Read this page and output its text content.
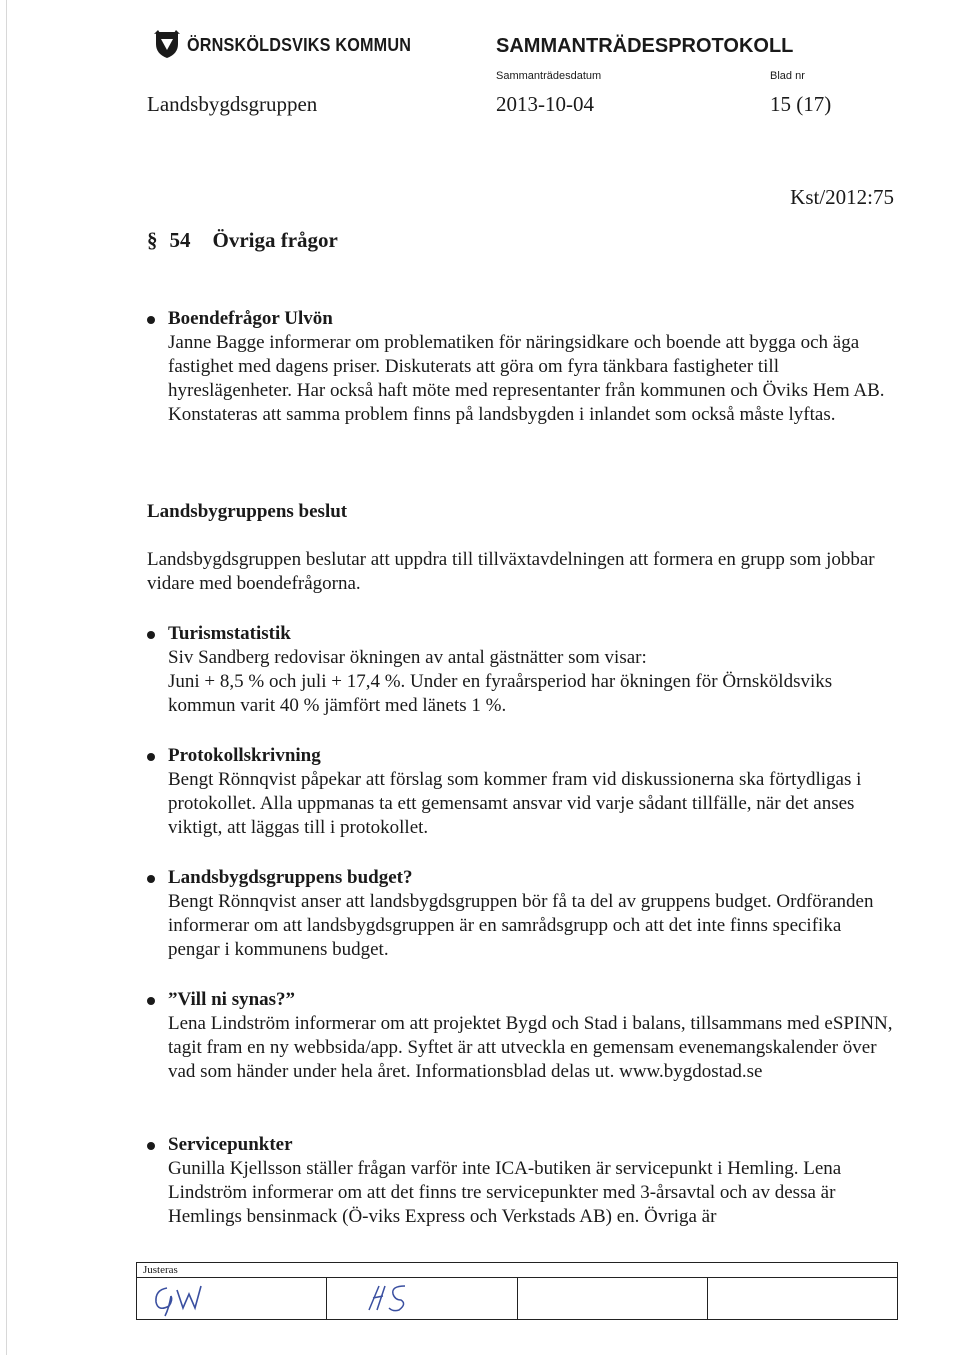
ÖRNSKÖLDSVIKS KOMMUN	SAMMANTRÄDESPROTOKOLL
Sammanträdesdatum	Blad nr
Landsbygdsgruppen	2013-10-04	15 (17)
Kst/2012:75
§ 54 Övriga frågor
Boendefrågor Ulvön

Janne Bagge informerar om problematiken för näringsidkare och boende att bygga och äga fastighet med dagens priser. Diskuterats att göra om fyra tänkbara fastigheter till hyreslägenheter. Har också haft möte med representanter från kommunen och Öviks Hem AB.

Konstateras att samma problem finns på landsbygden i inlandet som också måste lyftas.

Landsbygruppens beslut

Landsbygdsgruppen beslutar att uppdra till tillväxtavdelningen att formera en grupp som jobbar vidare med boendefrågorna.

Turismstatistik

Siv Sandberg redovisar ökningen av antal gästnätter som visar:

Juni + 8,5 % och juli + 17,4 %. Under en fyraårsperiod har ökningen för Örnsköldsviks kommun varit 40 % jämfört med länets 1 %.

Protokollskrivning

Bengt Rönnqvist påpekar att förslag som kommer fram vid diskussionerna ska förtydligas i protokollet. Alla uppmanas ta ett gemensamt ansvar vid varje sådant tillfälle, när det anses viktigt, att läggas till i protokollet.

Landsbygdsgruppens budget?

Bengt Rönnqvist anser att landsbygdsgruppen bör få ta del av gruppens budget. Ordföranden informerar om att landsbygdsgruppen är en samrådsgrupp och att det inte finns specifika pengar i kommunens budget.

”Vill ni synas?”

Lena Lindström informerar om att projektet Bygd och Stad i balans, tillsammans med eSPINN, tagit fram en ny webbsida/app. Syftet är att utveckla en gemensam evenemangskalender över vad som händer under hela året. Informationsblad delas ut. www.bygdostad.se

Servicepunkter

Gunilla Kjellsson ställer frågan varför inte ICA-butiken är servicepunkt i Hemling. Lena Lindström informerar om att det finns tre servicepunkter med 3-årsavtal och av dessa är Hemlings bensinmack (Ö-viks Express och Verkstads AB) en. Övriga är

Justeras
